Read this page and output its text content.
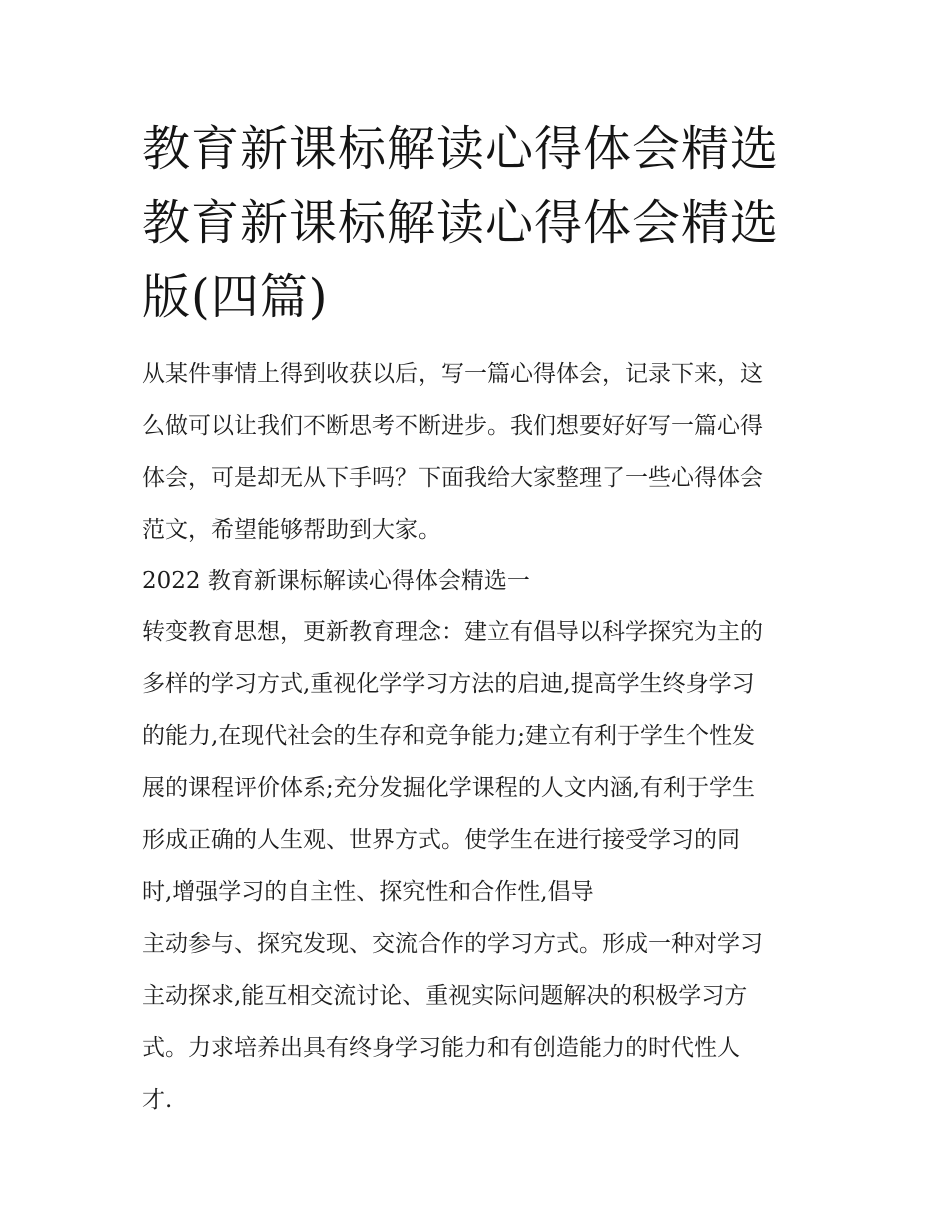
教育新课标解读心得体会精选
教育新课标解读心得体会精选
版(四篇)
从某件事情上得到收获以后，写一篇心得体会，记录下来，这
么做可以让我们不断思考不断进步。我们想要好好写一篇心得
体会，可是却无从下手吗？下面我给大家整理了一些心得体会
范文，希望能够帮助到大家。
2022 教育新课标解读心得体会精选一
转变教育思想，更新教育理念：建立有倡导以科学探究为主的
多样的学习方式,重视化学学习方法的启迪,提高学生终身学习
的能力,在现代社会的生存和竞争能力;建立有利于学生个性发
展的课程评价体系;充分发掘化学课程的人文内涵,有利于学生
形成正确的人生观、世界方式。使学生在进行接受学习的同
时,增强学习的自主性、探究性和合作性,倡导
主动参与、探究发现、交流合作的学习方式。形成一种对学习
主动探求,能互相交流讨论、重视实际问题解决的积极学习方
式。力求培养出具有终身学习能力和有创造能力的时代性人
才.
